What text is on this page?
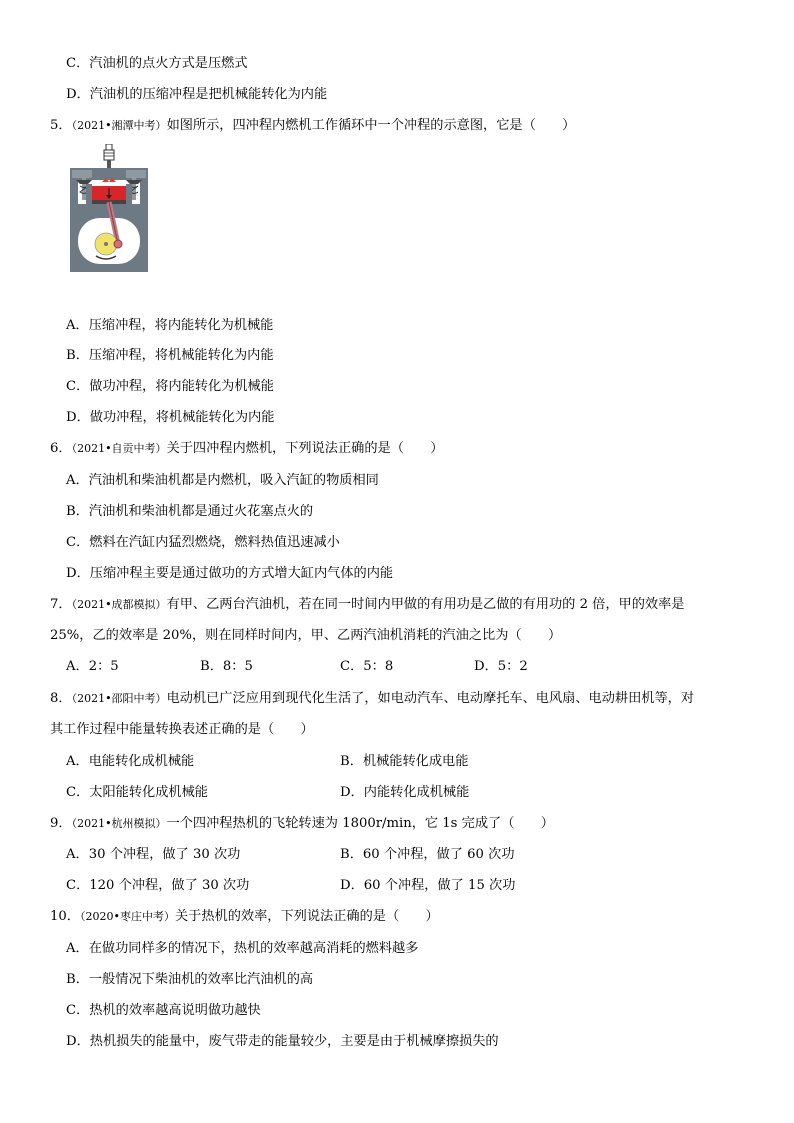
C．汽油机的点火方式是压燃式
D．汽油机的压缩冲程是把机械能转化为内能
5．（2021•湘潭中考）如图所示，四冲程内燃机工作循环中一个冲程的示意图，它是（　　）
A．压缩冲程，将内能转化为机械能
B．压缩冲程，将机械能转化为内能
C．做功冲程，将内能转化为机械能
D．做功冲程，将机械能转化为内能
6．（2021•自贡中考）关于四冲程内燃机，下列说法正确的是（　　）
A．汽油机和柴油机都是内燃机，吸入汽缸的物质相同
B．汽油机和柴油机都是通过火花塞点火的
C．燃料在汽缸内猛烈燃烧，燃料热值迅速减小
D．压缩冲程主要是通过做功的方式增大缸内气体的内能
7．（2021•成都模拟）有甲、乙两台汽油机，若在同一时间内甲做的有用功是乙做的有用功的 2 倍，甲的效率是
25%，乙的效率是 20%，则在同样时间内，甲、乙两汽油机消耗的汽油之比为（　　）
A．2：5	B．8：5	C．5：8	D．5：2
8．（2021•邵阳中考）电动机已广泛应用到现代化生活了，如电动汽车、电动摩托车、电风扇、电动耕田机等，对
其工作过程中能量转换表述正确的是（　　）
A．电能转化成机械能	B．机械能转化成电能
C．太阳能转化成机械能	D．内能转化成机械能
9．（2021•杭州模拟）一个四冲程热机的飞轮转速为 1800r/min，它 1s 完成了（　　）
A．30 个冲程，做了 30 次功	B．60 个冲程，做了 60 次功
C．120 个冲程，做了 30 次功	D．60 个冲程，做了 15 次功
10．（2020•枣庄中考）关于热机的效率，下列说法正确的是（　　）
A．在做功同样多的情况下，热机的效率越高消耗的燃料越多
B．一般情况下柴油机的效率比汽油机的高
C．热机的效率越高说明做功越快
D．热机损失的能量中，废气带走的能量较少，主要是由于机械摩擦损失的
